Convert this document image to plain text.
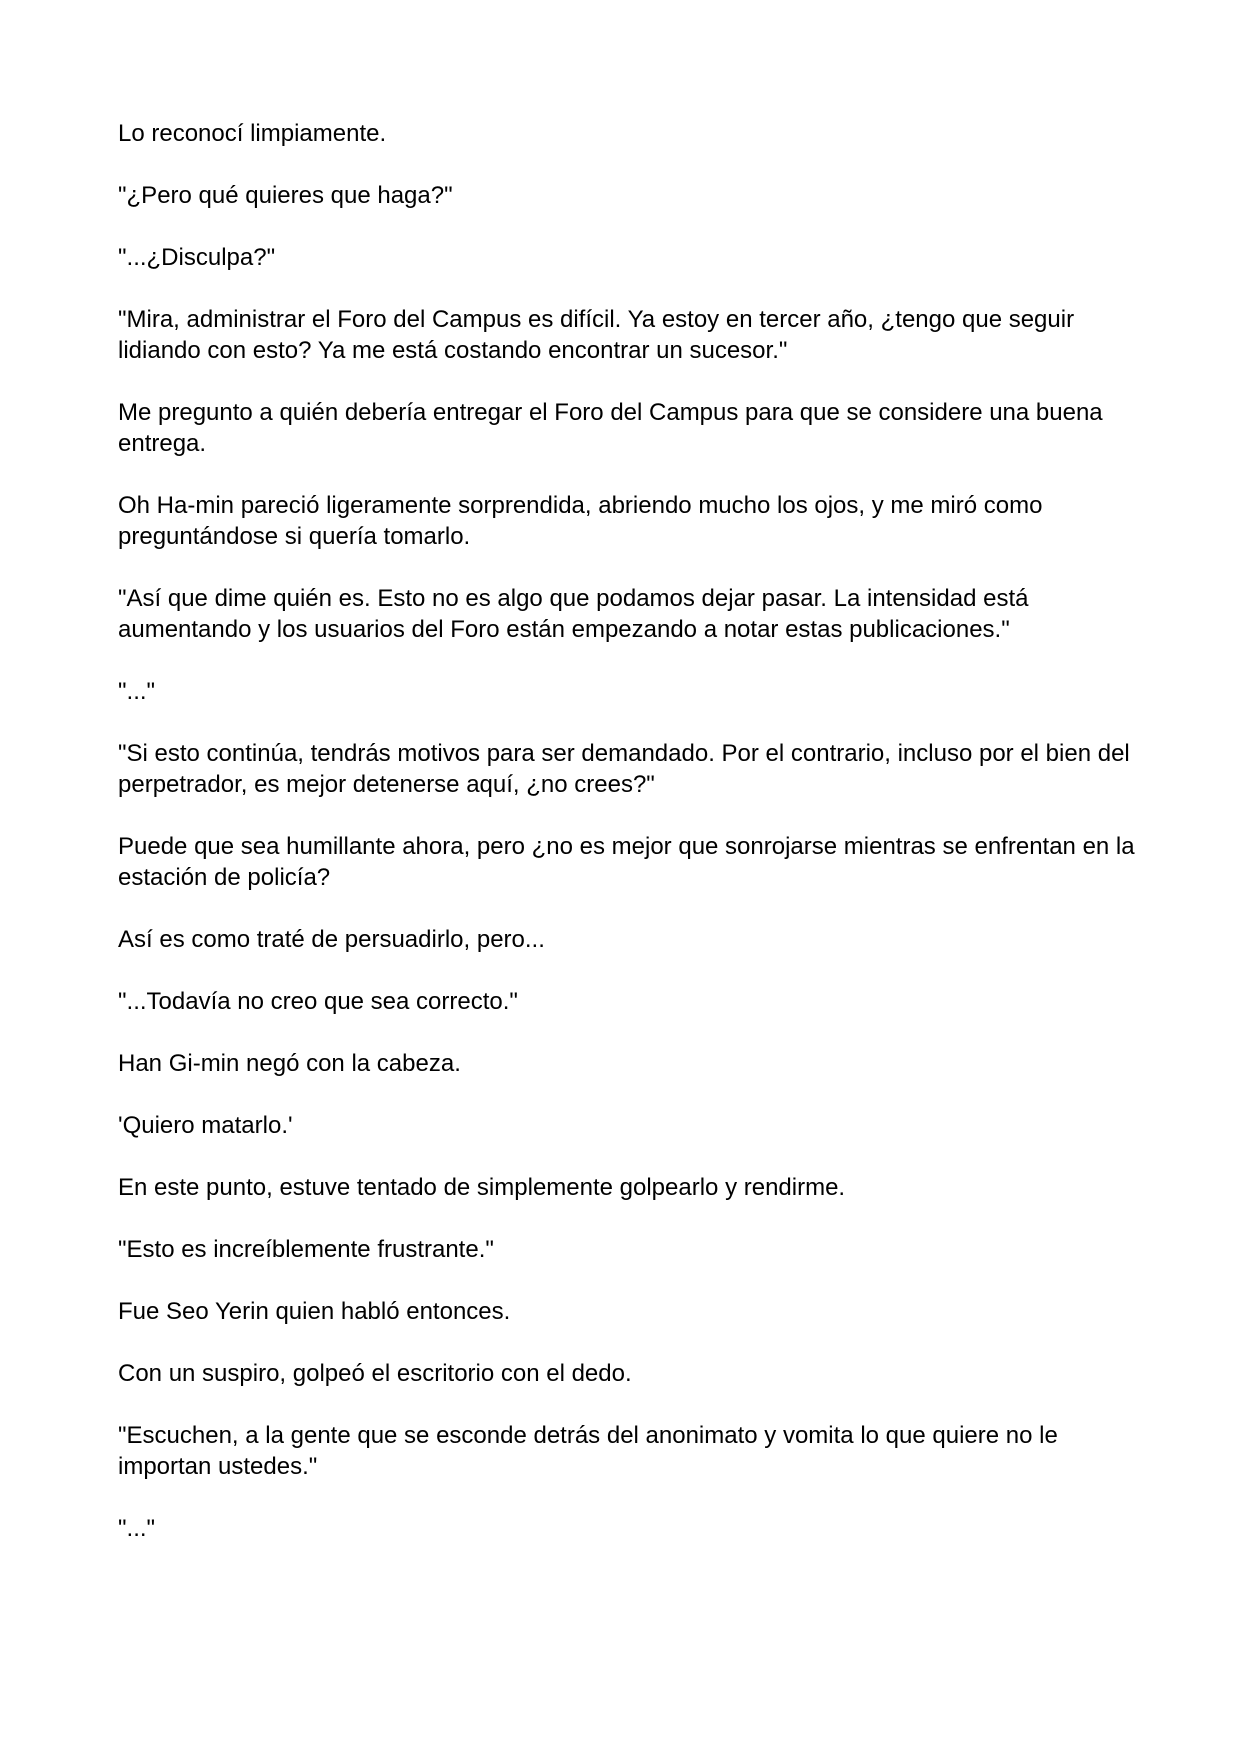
Lo reconocí limpiamente.

"¿Pero qué quieres que haga?"

"...¿Disculpa?"

"Mira, administrar el Foro del Campus es difícil. Ya estoy en tercer año, ¿tengo que seguir lidiando con esto? Ya me está costando encontrar un sucesor."

Me pregunto a quién debería entregar el Foro del Campus para que se considere una buena entrega.

Oh Ha-min pareció ligeramente sorprendida, abriendo mucho los ojos, y me miró como preguntándose si quería tomarlo.

"Así que dime quién es. Esto no es algo que podamos dejar pasar. La intensidad está aumentando y los usuarios del Foro están empezando a notar estas publicaciones."

"..."

"Si esto continúa, tendrás motivos para ser demandado. Por el contrario, incluso por el bien del perpetrador, es mejor detenerse aquí, ¿no crees?"

Puede que sea humillante ahora, pero ¿no es mejor que sonrojarse mientras se enfrentan en la estación de policía?

Así es como traté de persuadirlo, pero...

"...Todavía no creo que sea correcto."

Han Gi-min negó con la cabeza.

'Quiero matarlo.'

En este punto, estuve tentado de simplemente golpearlo y rendirme.

"Esto es increíblemente frustrante."

Fue Seo Yerin quien habló entonces.

Con un suspiro, golpeó el escritorio con el dedo.

"Escuchen, a la gente que se esconde detrás del anonimato y vomita lo que quiere no le importan ustedes."

"..."
